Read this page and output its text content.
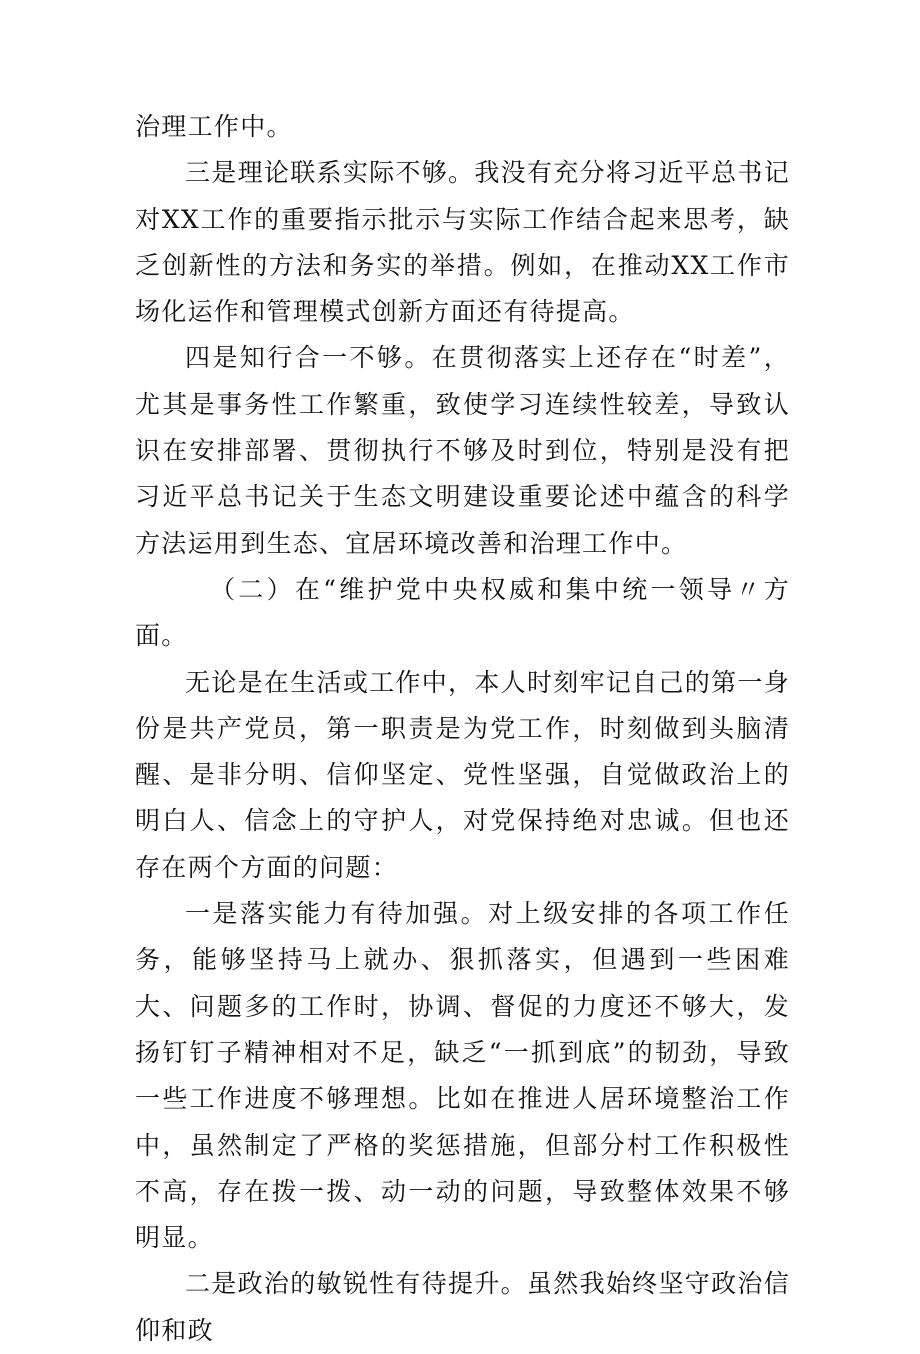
治理工作中。

三是理论联系实际不够。我没有充分将习近平总书记对XX工作的重要指示批示与实际工作结合起来思考，缺乏创新性的方法和务实的举措。例如，在推动XX工作市场化运作和管理模式创新方面还有待提高。

四是知行合一不够。在贯彻落实上还存在“时差”，尤其是事务性工作繁重，致使学习连续性较差，导致认识在安排部署、贯彻执行不够及时到位，特别是没有把习近平总书记关于生态文明建设重要论述中蕴含的科学方法运用到生态、宜居环境改善和治理工作中。

（二）在“维护党中央权威和集中统一领导〃方面。

无论是在生活或工作中，本人时刻牢记自己的第一身份是共产党员，第一职责是为党工作，时刻做到头脑清醒、是非分明、信仰坚定、党性坚强，自觉做政治上的明白人、信念上的守护人，对党保持绝对忠诚。但也还存在两个方面的问题：

一是落实能力有待加强。对上级安排的各项工作任务，能够坚持马上就办、狠抓落实，但遇到一些困难大、问题多的工作时，协调、督促的力度还不够大，发扬钉钉子精神相对不足，缺乏“一抓到底”的韧劲，导致一些工作进度不够理想。比如在推进人居环境整治工作中，虽然制定了严格的奖惩措施，但部分村工作积极性不高，存在拨一拨、动一动的问题，导致整体效果不够明显。

二是政治的敏锐性有待提升。虽然我始终坚守政治信仰和政
